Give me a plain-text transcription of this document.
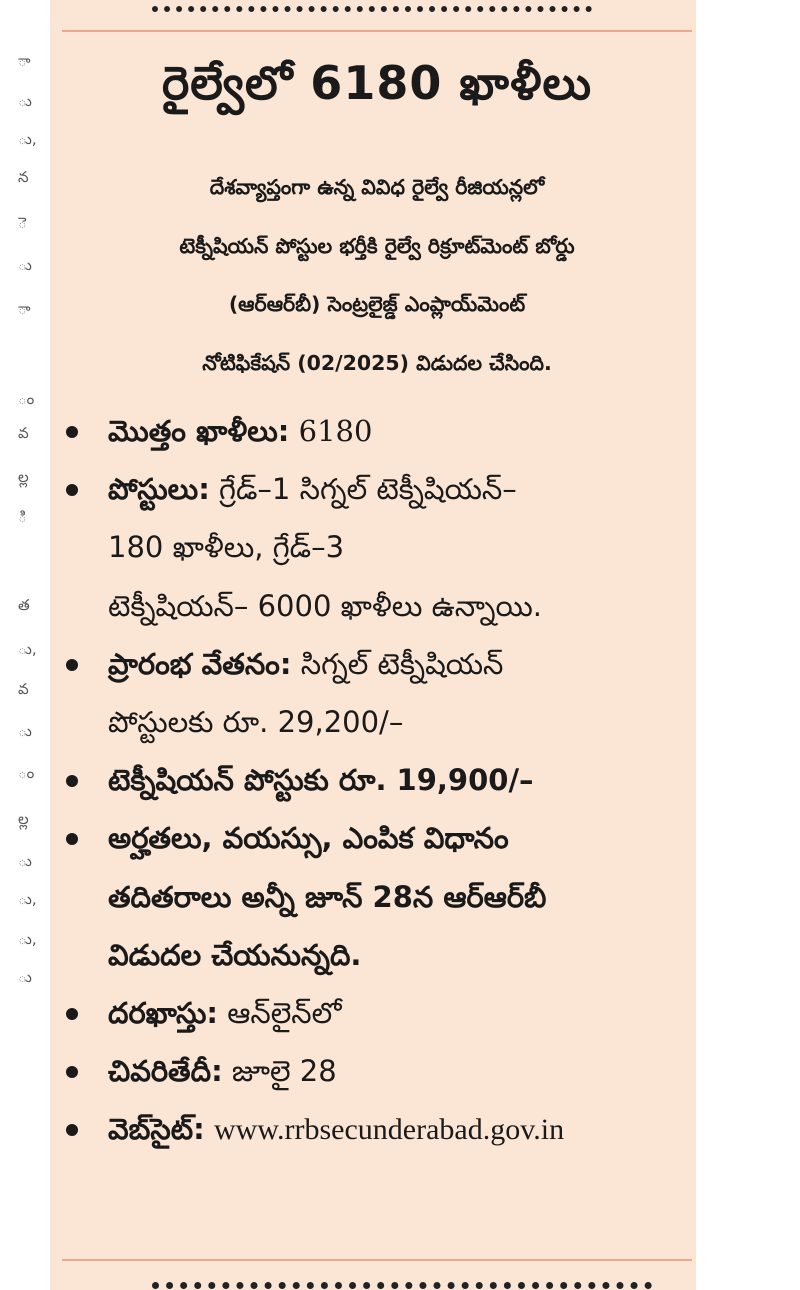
ా
ు
ు,
న
ె
ు
ా
ం
వ
ల్ల
ి
త
ు,
వ
ు
ం
ల్ల
ు
ు,
ు,
ు
రైల్వేలో 6180 ఖాళీలు
దేశవ్యాప్తంగా ఉన్న వివిధ రైల్వే రీజియన్లలో
టెక్నీషియన్ పోస్టుల భర్తీకి రైల్వే రిక్రూట్‌మెంట్ బోర్డు
(ఆర్‌ఆర్‌బీ) సెంట్రలైజ్డ్ ఎంప్లాయ్‌మెంట్
నోటిఫికేషన్ (02/2025) విడుదల చేసింది.
మొత్తం ఖాళీలు: 6180
పోస్టులు: గ్రేడ్–1 సిగ్నల్ టెక్నీషియన్–
180 ఖాళీలు, గ్రేడ్–3
టెక్నీషియన్– 6000 ఖాళీలు ఉన్నాయి.
ప్రారంభ వేతనం: సిగ్నల్ టెక్నీషియన్
పోస్టులకు రూ. 29,200/–
టెక్నీషియన్ పోస్టుకు రూ. 19,900/–
అర్హతలు, వయస్సు, ఎంపిక విధానం
తదితరాలు అన్నీ జూన్ 28న ఆర్‌ఆర్‌బీ
విడుదల చేయనున్నది.
దరఖాస్తు: ఆన్‌లైన్‌లో
చివరితేదీ: జూలై 28
వెబ్‌సైట్: www.rrbsecunderabad.gov.in
